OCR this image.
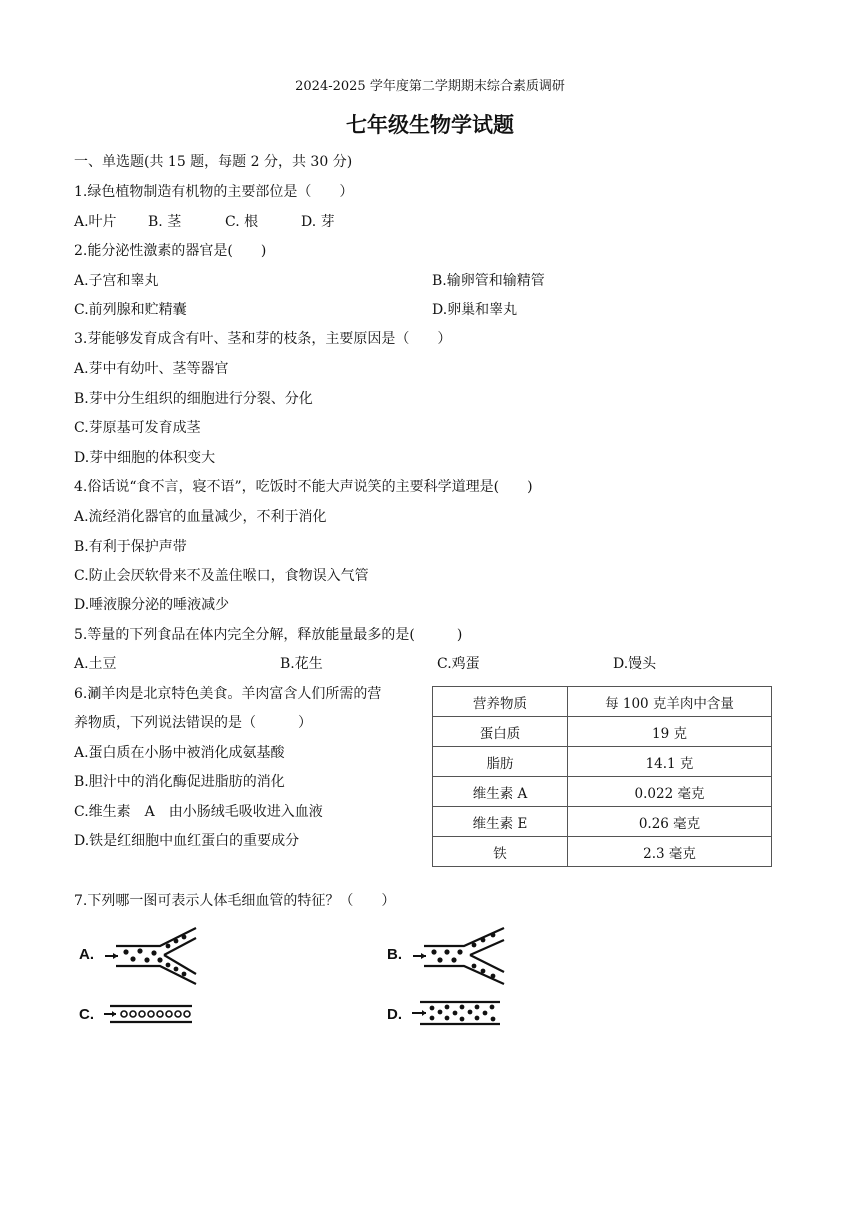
2024-2025 学年度第二学期期末综合素质调研
七年级生物学试题
一、单选题(共 15 题，每题 2 分，共 30 分)
1.绿色植物制造有机物的主要部位是（　　）
A.叶片 B. 茎	C. 根	D. 芽
2.能分泌性激素的器官是(　　)
A.子宫和睾丸	B.输卵管和输精管
C.前列腺和贮精囊	D.卵巢和睾丸
3.芽能够发育成含有叶、茎和芽的枝条，主要原因是（　　）
A.芽中有幼叶、茎等器官
B.芽中分生组织的细胞进行分裂、分化
C.芽原基可发育成茎
D.芽中细胞的体积变大
4.俗话说“食不言，寝不语”，吃饭时不能大声说笑的主要科学道理是(　　)
A.流经消化器官的血量减少，不利于消化
B.有利于保护声带
C.防止会厌软骨来不及盖住喉口，食物误入气管
D.唾液腺分泌的唾液减少
5.等量的下列食品在体内完全分解，释放能量最多的是(　　　)
A.土豆	B.花生	C.鸡蛋	D.馒头
6.涮羊肉是北京特色美食。羊肉富含人们所需的营
养物质，下列说法错误的是（　　　）
A.蛋白质在小肠中被消化成氨基酸
B.胆汁中的消化酶促进脂肪的消化
C.维生素　A　由小肠绒毛吸收进入血液
D.铁是红细胞中血红蛋白的重要成分
营养物质	每 100 克羊肉中含量
蛋白质	19 克
脂肪	14.1 克
维生素 A	0.022 毫克
维生素 E	0.26 毫克
铁	2.3 毫克
7.下列哪一图可表示人体毛细血管的特征？（　　）
A.	B.
C.	D.
